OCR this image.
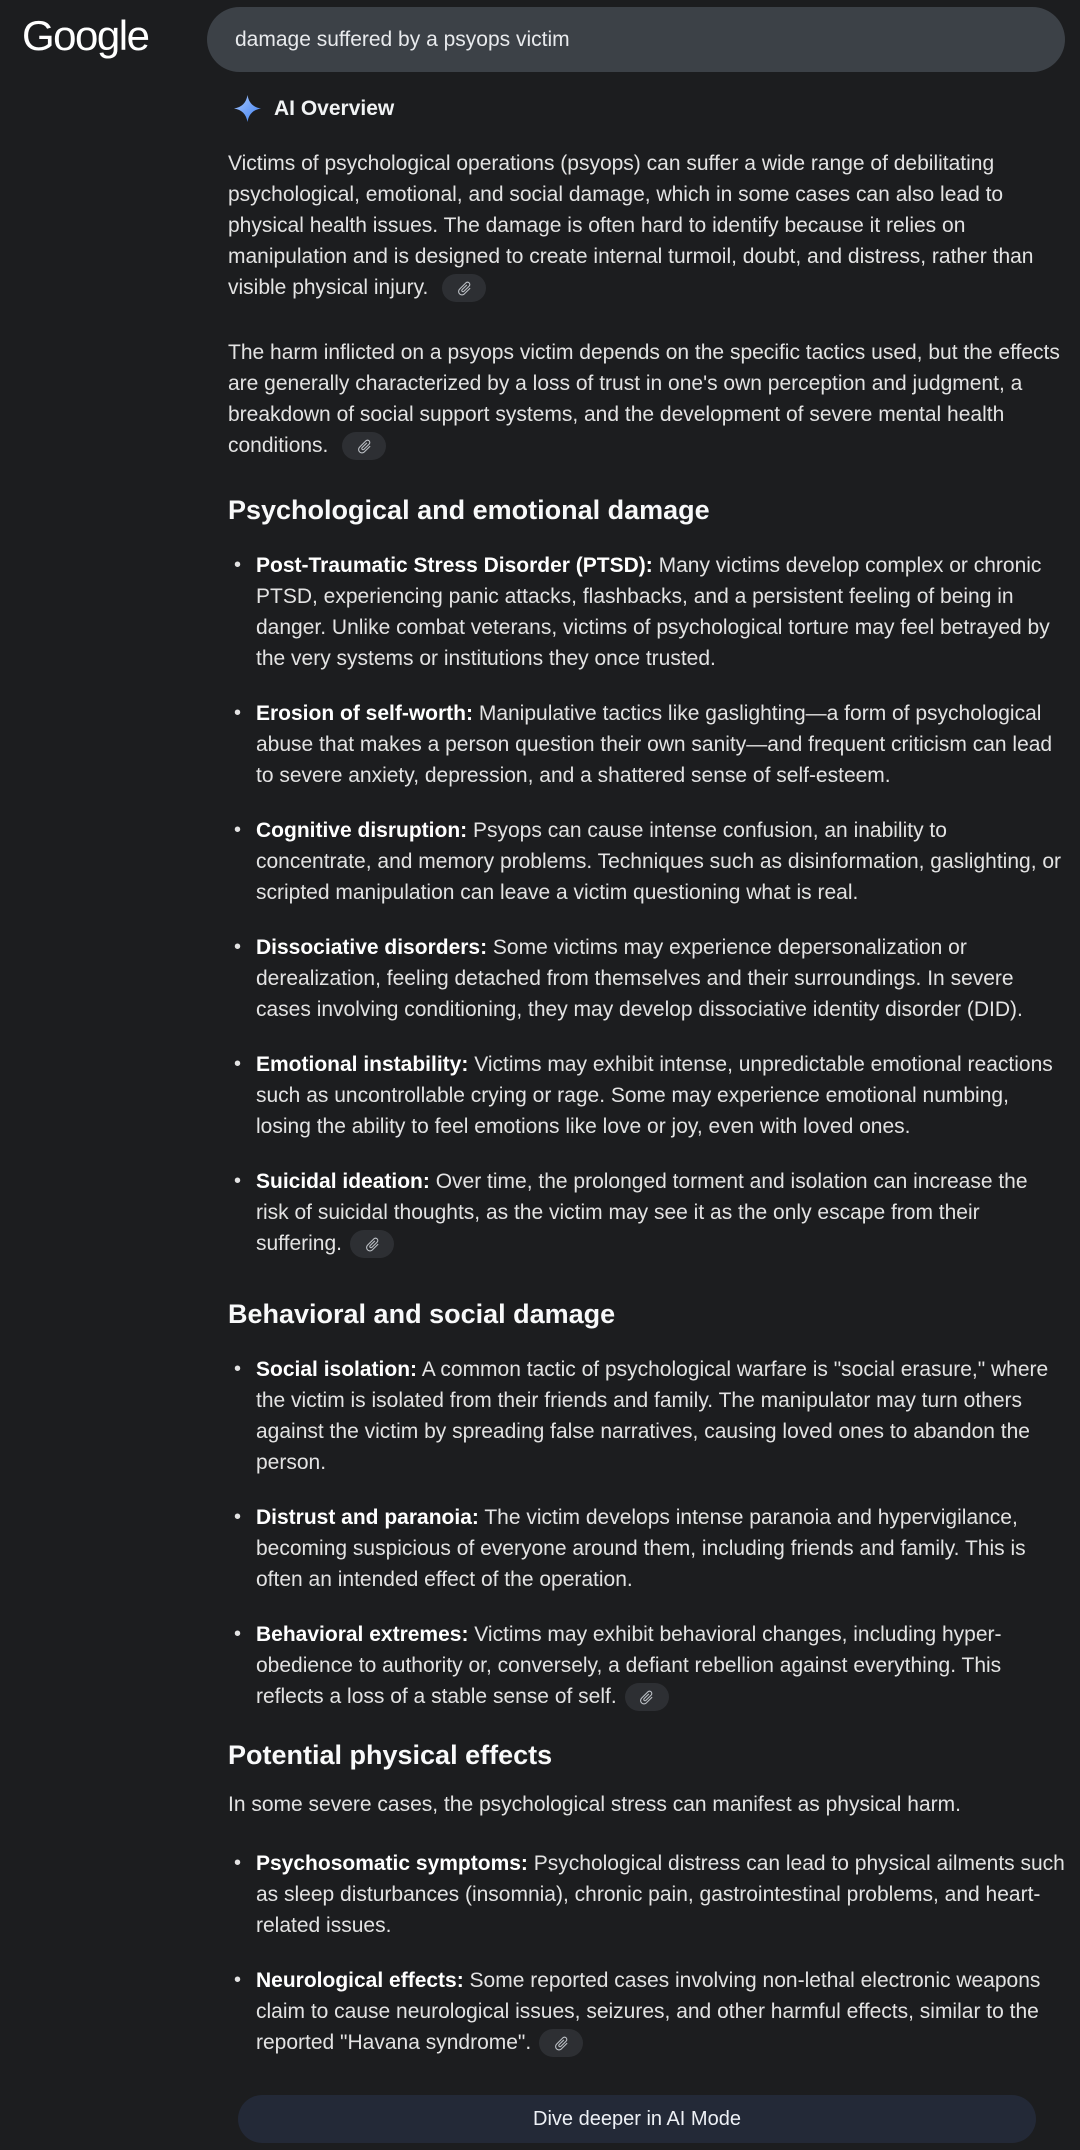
Google	damage suffered by a psyops victim
AI Overview

Victims of psychological operations (psyops) can suffer a wide range of debilitating psychological, emotional, and social damage, which in some cases can also lead to physical health issues. The damage is often hard to identify because it relies on manipulation and is designed to create internal turmoil, doubt, and distress, rather than visible physical injury.

The harm inflicted on a psyops victim depends on the specific tactics used, but the effects are generally characterized by a loss of trust in one's own perception and judgment, a breakdown of social support systems, and the development of severe mental health conditions.

Psychological and emotional damage
• Post-Traumatic Stress Disorder (PTSD): Many victims develop complex or chronic PTSD, experiencing panic attacks, flashbacks, and a persistent feeling of being in danger. Unlike combat veterans, victims of psychological torture may feel betrayed by the very systems or institutions they once trusted.
• Erosion of self-worth: Manipulative tactics like gaslighting—a form of psychological abuse that makes a person question their own sanity—and frequent criticism can lead to severe anxiety, depression, and a shattered sense of self-esteem.
• Cognitive disruption: Psyops can cause intense confusion, an inability to concentrate, and memory problems. Techniques such as disinformation, gaslighting, or scripted manipulation can leave a victim questioning what is real.
• Dissociative disorders: Some victims may experience depersonalization or derealization, feeling detached from themselves and their surroundings. In severe cases involving conditioning, they may develop dissociative identity disorder (DID).
• Emotional instability: Victims may exhibit intense, unpredictable emotional reactions such as uncontrollable crying or rage. Some may experience emotional numbing, losing the ability to feel emotions like love or joy, even with loved ones.
• Suicidal ideation: Over time, the prolonged torment and isolation can increase the risk of suicidal thoughts, as the victim may see it as the only escape from their suffering.
Behavioral and social damage
• Social isolation: A common tactic of psychological warfare is "social erasure," where the victim is isolated from their friends and family. The manipulator may turn others against the victim by spreading false narratives, causing loved ones to abandon the person.
• Distrust and paranoia: The victim develops intense paranoia and hypervigilance, becoming suspicious of everyone around them, including friends and family. This is often an intended effect of the operation.
• Behavioral extremes: Victims may exhibit behavioral changes, including hyper-obedience to authority or, conversely, a defiant rebellion against everything. This reflects a loss of a stable sense of self.
Potential physical effects

In some severe cases, the psychological stress can manifest as physical harm.

• Psychosomatic symptoms: Psychological distress can lead to physical ailments such as sleep disturbances (insomnia), chronic pain, gastrointestinal problems, and heart-related issues.
• Neurological effects: Some reported cases involving non-lethal electronic weapons claim to cause neurological issues, seizures, and other harmful effects, similar to the reported "Havana syndrome".
Dive deeper in AI Mode
